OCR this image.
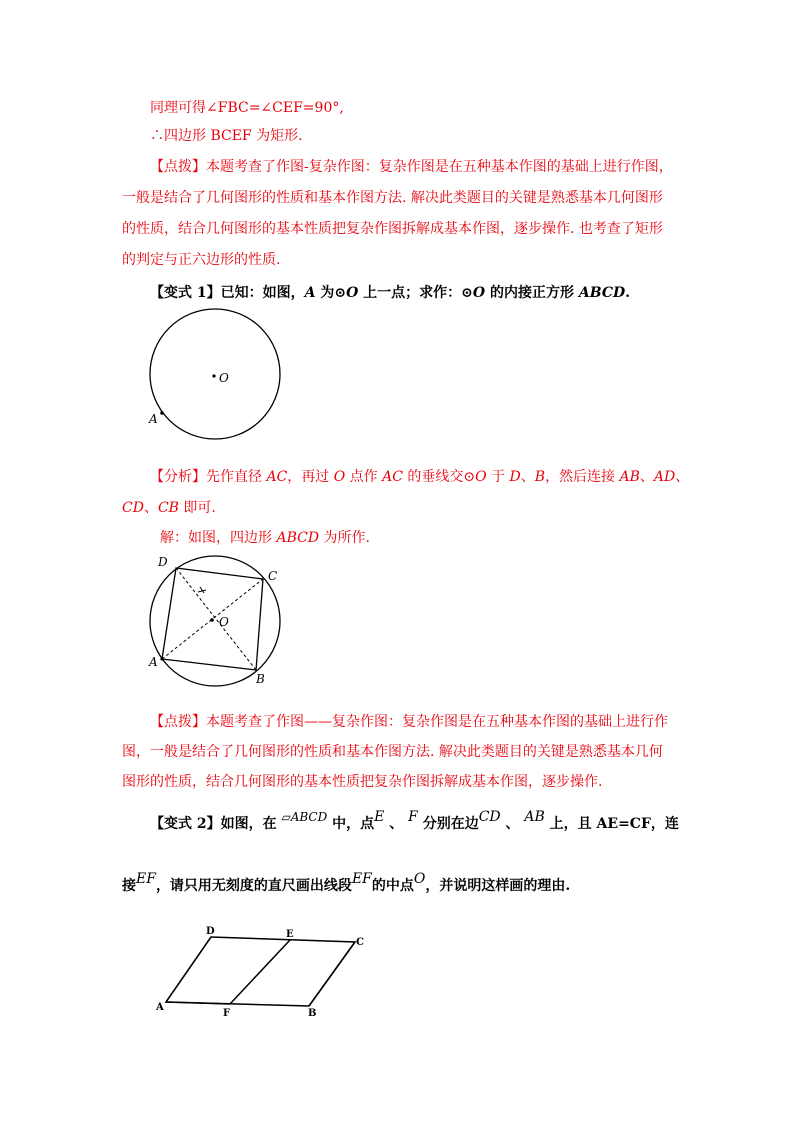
同理可得∠FBC=∠CEF=90°,
∴四边形 BCEF 为矩形.
【点拨】本题考查了作图-复杂作图：复杂作图是在五种基本作图的基础上进行作图，
一般是结合了几何图形的性质和基本作图方法. 解决此类题目的关键是熟悉基本几何图形
的性质，结合几何图形的基本性质把复杂作图拆解成基本作图，逐步操作. 也考查了矩形
的判定与正六边形的性质.
【变式 1】已知：如图，A 为⊙O 上一点；求作：⊙O 的内接正方形 ABCD.
O
A
【分析】先作直径 AC，再过 O 点作 AC 的垂线交⊙O 于 D、B，然后连接 AB、AD、
CD、CB 即可.
解：如图，四边形 ABCD 为所作.
D
C
O
A
B
【点拨】本题考查了作图——复杂作图：复杂作图是在五种基本作图的基础上进行作
图，一般是结合了几何图形的性质和基本作图方法. 解决此类题目的关键是熟悉基本几何
图形的性质，结合几何图形的基本性质把复杂作图拆解成基本作图，逐步操作.
【变式 2】如图，在 ▱ABCD 中，点E 、 F 分别在边CD 、 AB 上，且 AE=CF，连
接EF，请只用无刻度的直尺画出线段EF的中点O，并说明这样画的理由.
D	E
C
A
F	B
